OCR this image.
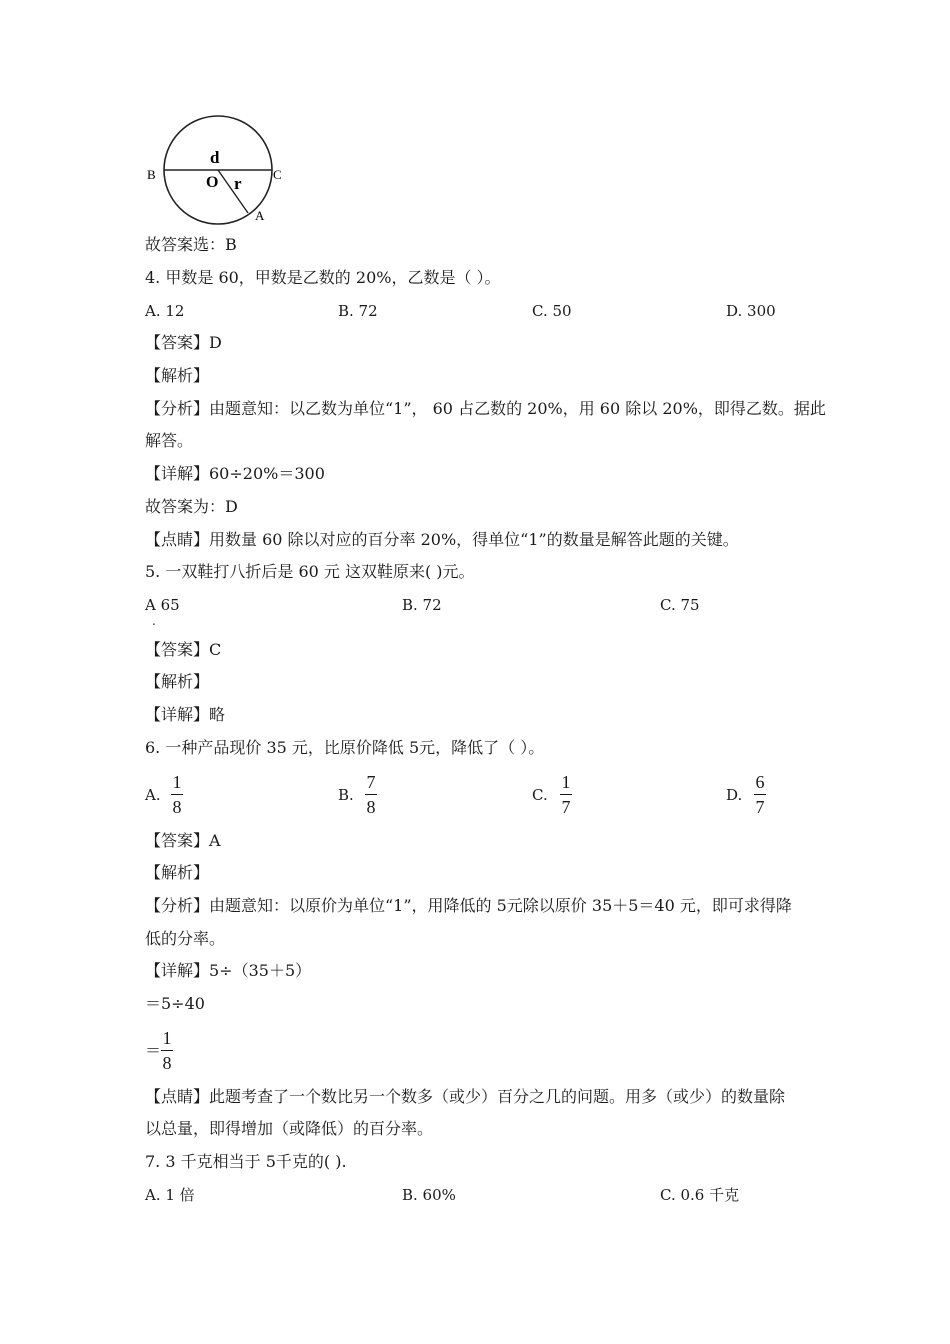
B	C
A
d
O r
故答案选：B
4. 甲数是 60，甲数是乙数的 20%，乙数是（ ）。
A. 12	B. 72	C. 50	D. 300
【答案】D
【解析】
【分析】由题意知：以乙数为单位“1”， 60 占乙数的 20%，用 60 除以 20%，即得乙数。据此
解答。
【详解】60÷20%＝300
故答案为：D
【点睛】用数量 60 除以对应的百分率 20%，得单位“1”的数量是解答此题的关键。
5. 一双鞋打八折后是 60 元 这双鞋原来( )元。
A 65	B. 72	C. 75
.
【答案】C
【解析】
【详解】略
6. 一种产品现价 35 元，比原价降低 5元，降低了（ ）。
A.
1
8
B.
7
8
C.
1
7
D.
6
7
【答案】A
【解析】
【分析】由题意知：以原价为单位“1”，用降低的 5元除以原价 35＋5＝40 元，即可求得降
低的分率。
【详解】5÷（35＋5）
＝5÷40
＝
1
8
【点睛】此题考查了一个数比另一个数多（或少）百分之几的问题。用多（或少）的数量除
以总量，即得增加（或降低）的百分率。
7. 3 千克相当于 5千克的( ).
A. 1 倍	B. 60%	C. 0.6 千克
